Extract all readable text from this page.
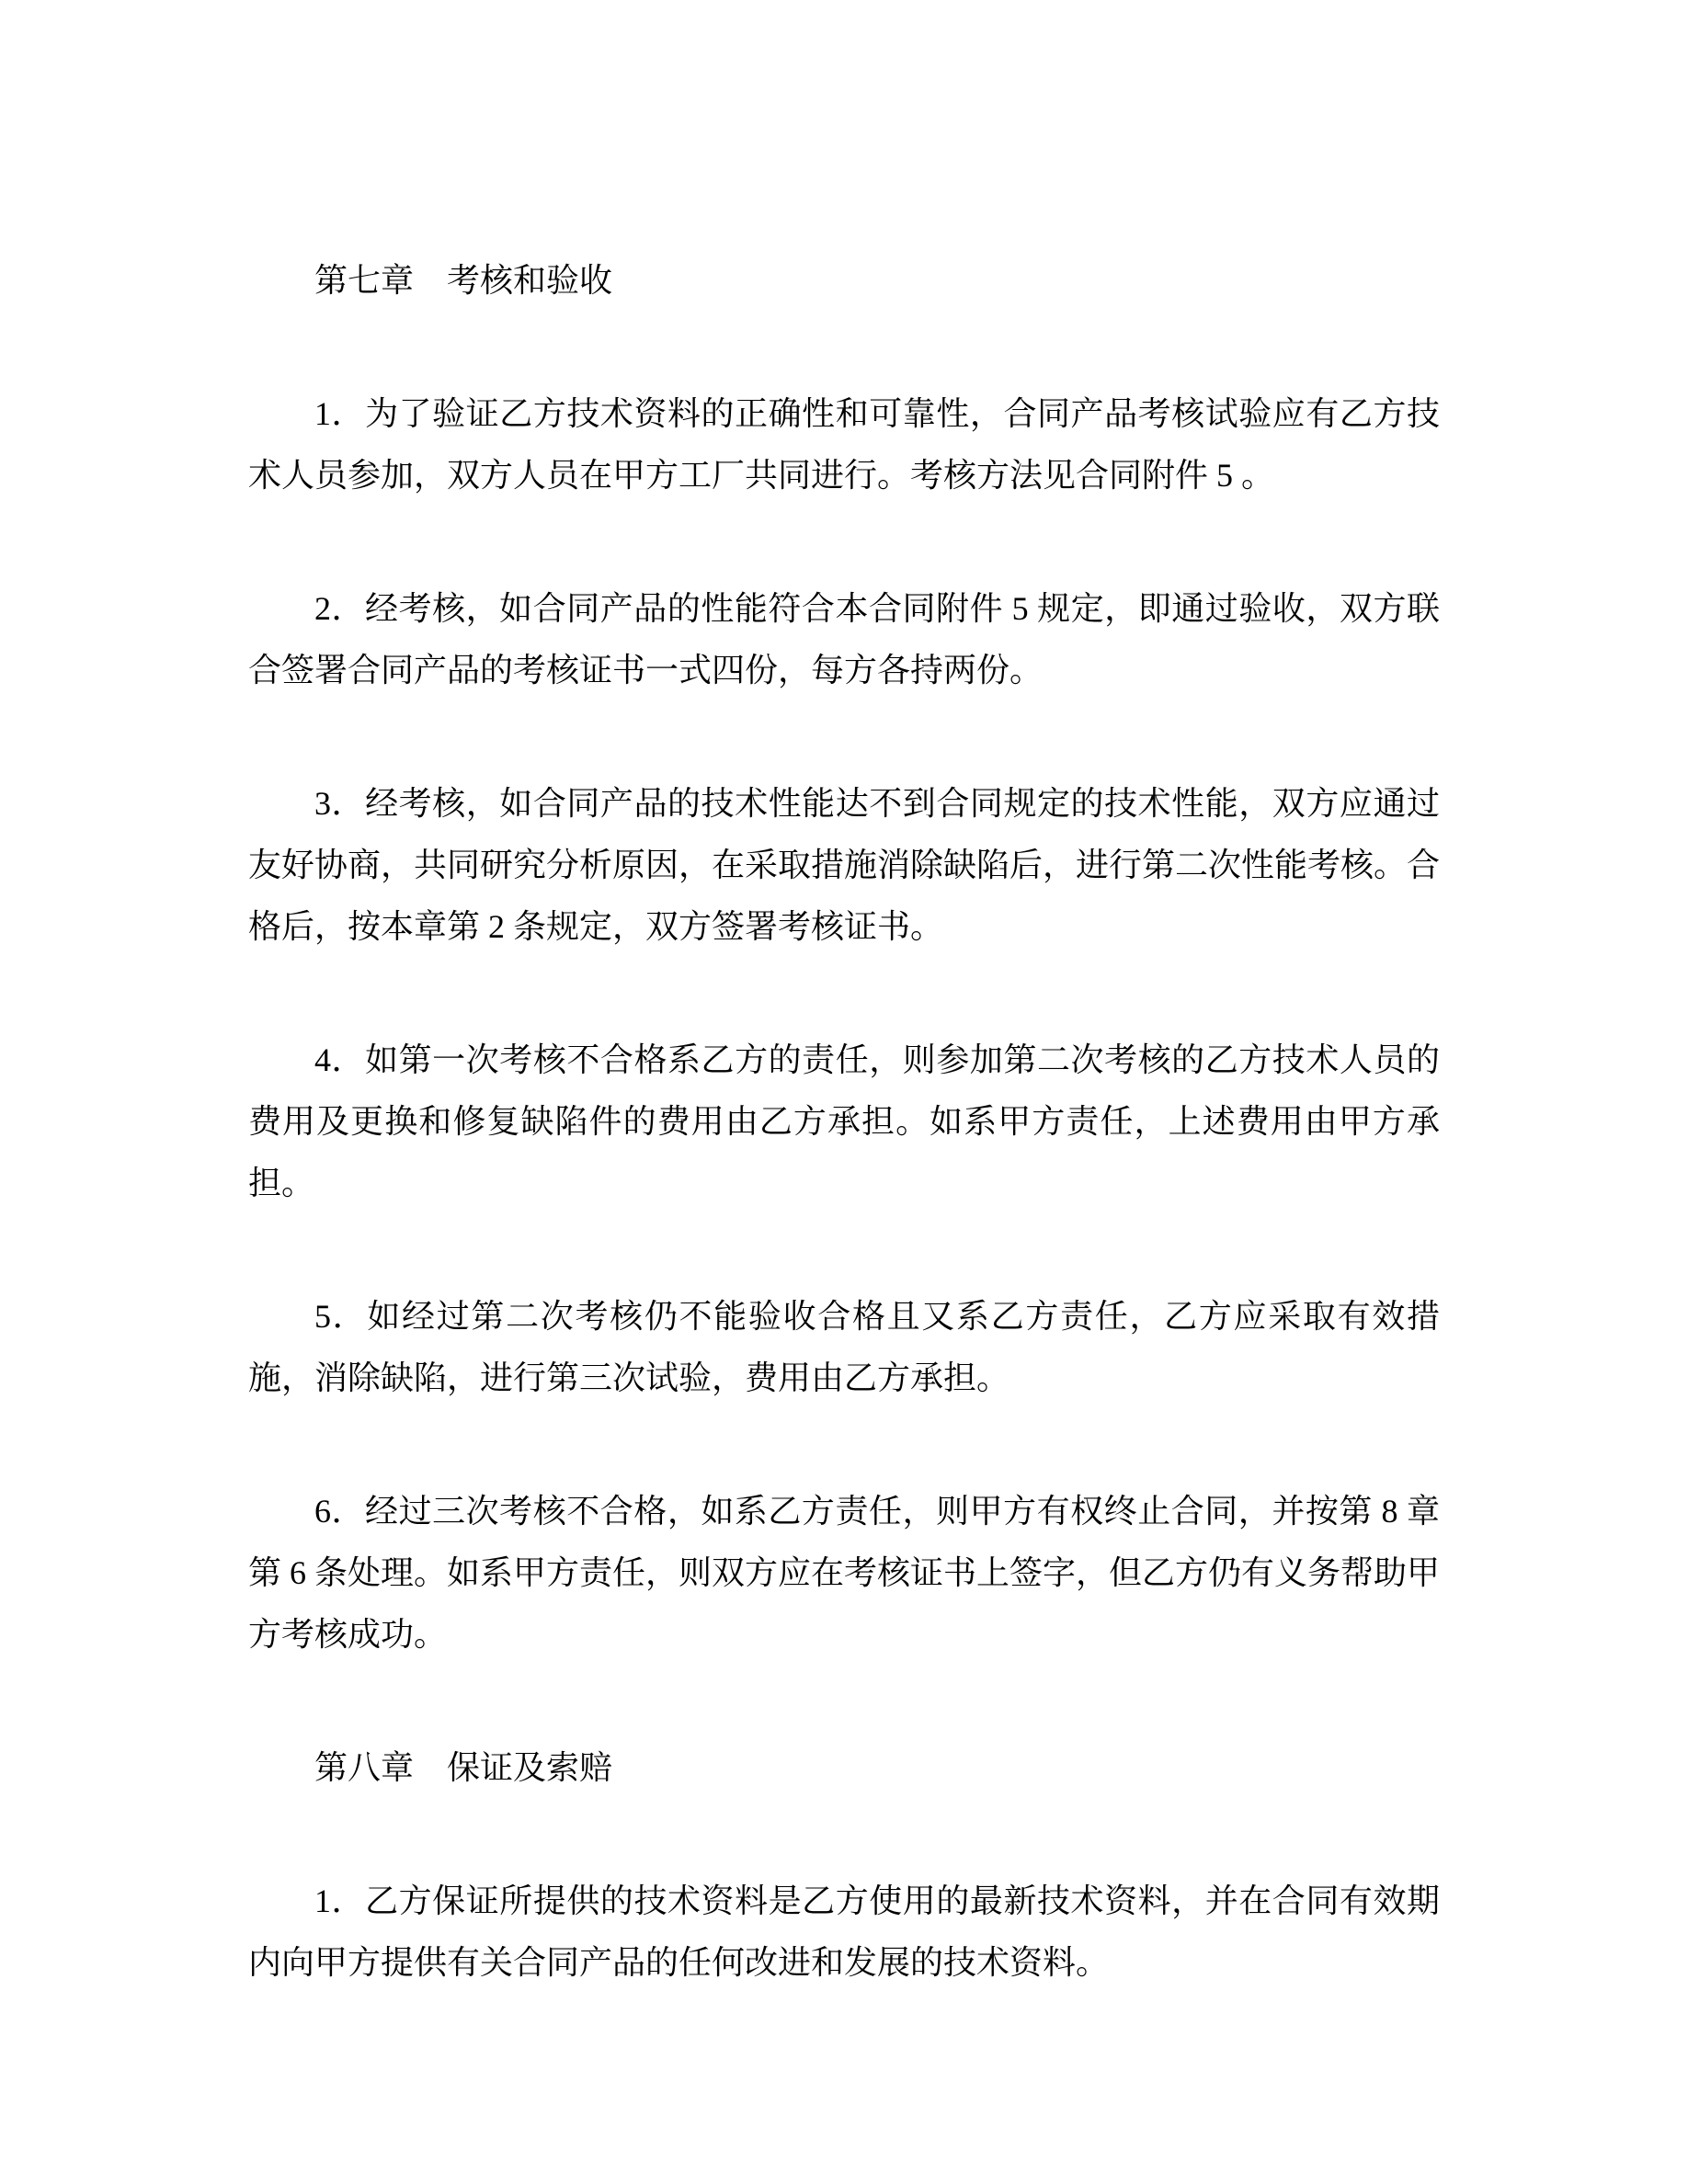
第七章　考核和验收

1．为了验证乙方技术资料的正确性和可靠性，合同产品考核试验应有乙方技术人员参加，双方人员在甲方工厂共同进行。考核方法见合同附件 5 。

2．经考核，如合同产品的性能符合本合同附件 5 规定，即通过验收，双方联合签署合同产品的考核证书一式四份，每方各持两份。

3．经考核，如合同产品的技术性能达不到合同规定的技术性能，双方应通过友好协商，共同研究分析原因，在采取措施消除缺陷后，进行第二次性能考核。合格后，按本章第 2 条规定，双方签署考核证书。

4．如第一次考核不合格系乙方的责任，则参加第二次考核的乙方技术人员的费用及更换和修复缺陷件的费用由乙方承担。如系甲方责任，上述费用由甲方承担。

5．如经过第二次考核仍不能验收合格且又系乙方责任，乙方应采取有效措施，消除缺陷，进行第三次试验，费用由乙方承担。

6．经过三次考核不合格，如系乙方责任，则甲方有权终止合同，并按第 8 章第 6 条处理。如系甲方责任，则双方应在考核证书上签字，但乙方仍有义务帮助甲方考核成功。

第八章　保证及索赔

1．乙方保证所提供的技术资料是乙方使用的最新技术资料，并在合同有效期内向甲方提供有关合同产品的任何改进和发展的技术资料。
